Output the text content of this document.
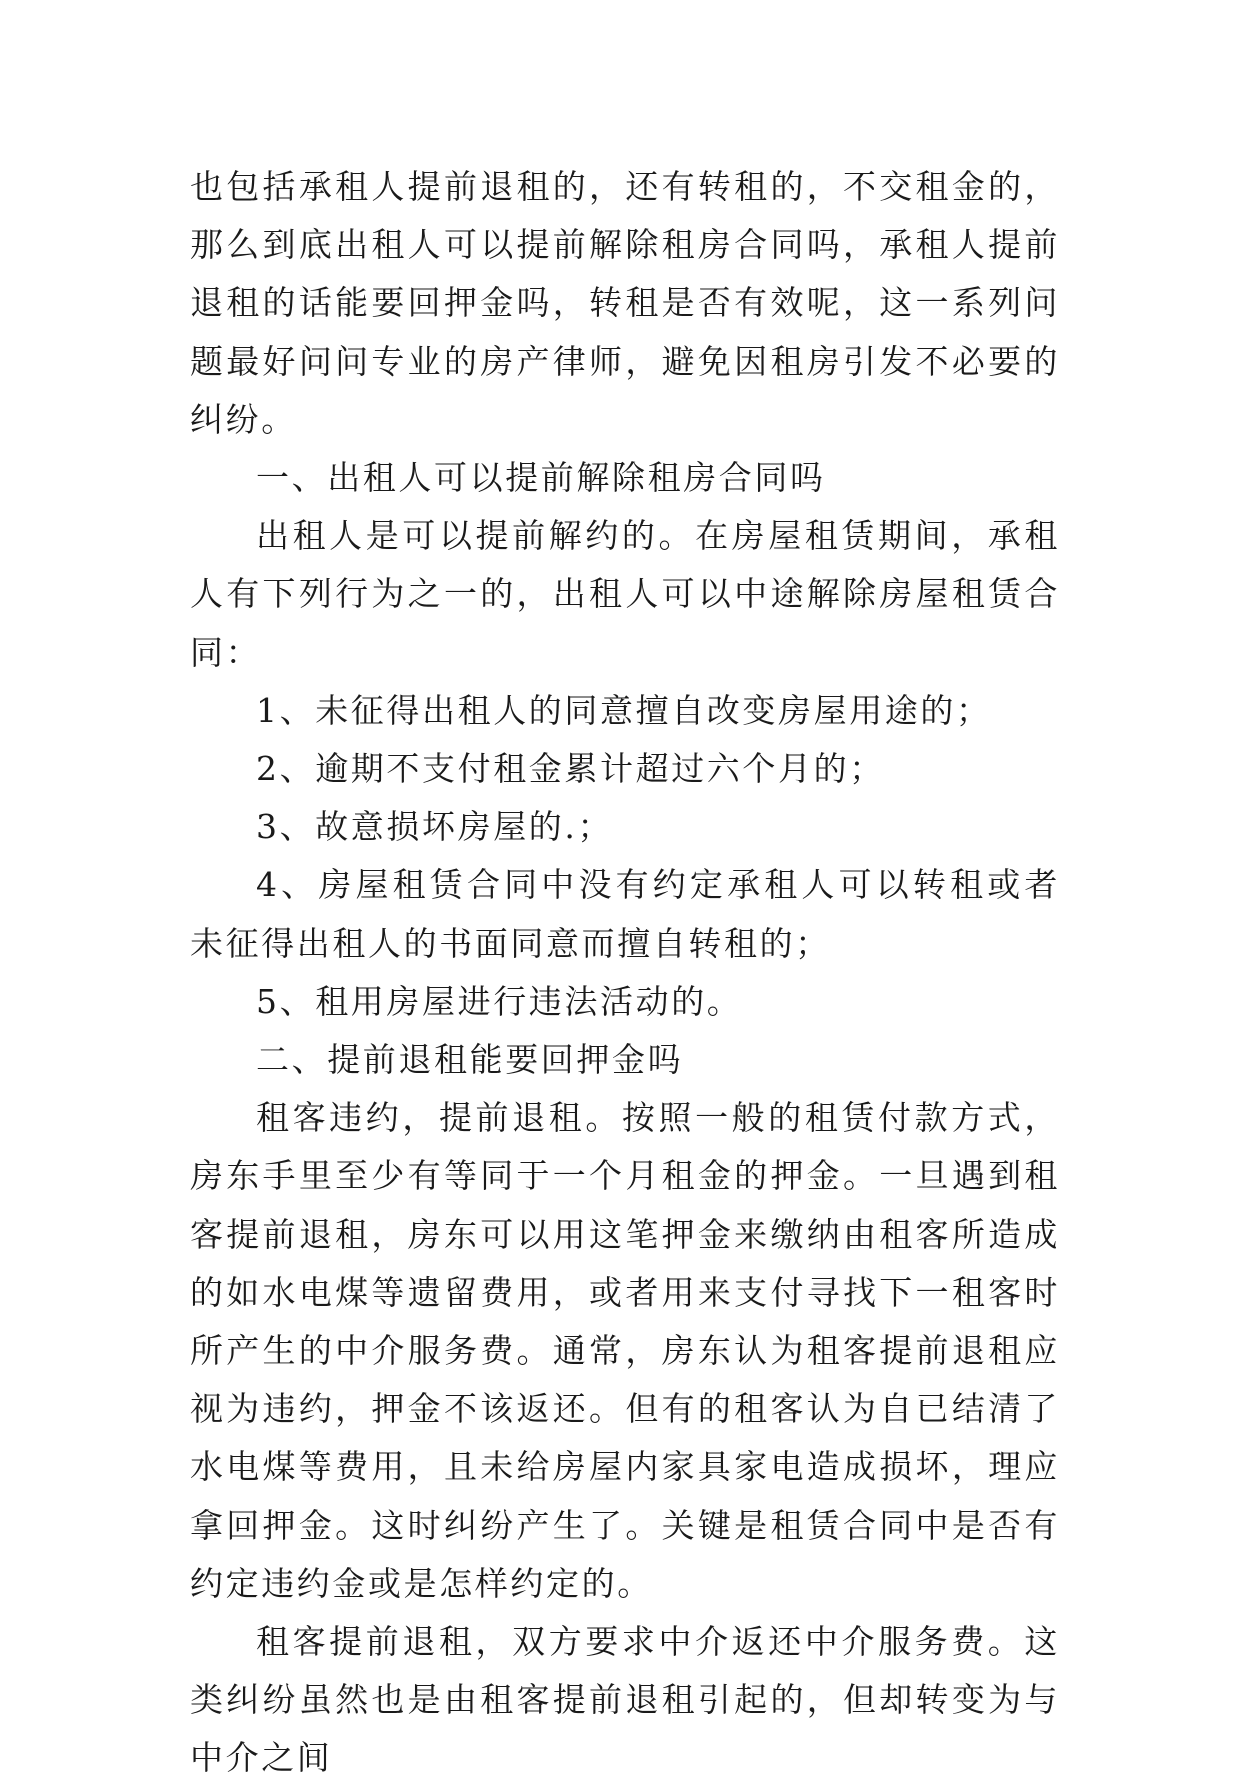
也包括承租人提前退租的，还有转租的，不交租金的，那么到底出租人可以提前解除租房合同吗，承租人提前退租的话能要回押金吗，转租是否有效呢，这一系列问题最好问问专业的房产律师，避免因租房引发不必要的纠纷。

一、出租人可以提前解除租房合同吗

出租人是可以提前解约的。在房屋租赁期间，承租人有下列行为之一的，出租人可以中途解除房屋租赁合同：

1、未征得出租人的同意擅自改变房屋用途的；

2、逾期不支付租金累计超过六个月的；

3、故意损坏房屋的.；

4、房屋租赁合同中没有约定承租人可以转租或者未征得出租人的书面同意而擅自转租的；

5、租用房屋进行违法活动的。

二、提前退租能要回押金吗

租客违约，提前退租。按照一般的租赁付款方式，房东手里至少有等同于一个月租金的押金。一旦遇到租客提前退租，房东可以用这笔押金来缴纳由租客所造成的如水电煤等遗留费用，或者用来支付寻找下一租客时所产生的中介服务费。通常，房东认为租客提前退租应视为违约，押金不该返还。但有的租客认为自已结清了水电煤等费用，且未给房屋内家具家电造成损坏，理应拿回押金。这时纠纷产生了。关键是租赁合同中是否有约定违约金或是怎样约定的。

租客提前退租，双方要求中介返还中介服务费。这类纠纷虽然也是由租客提前退租引起的，但却转变为与中介之间
